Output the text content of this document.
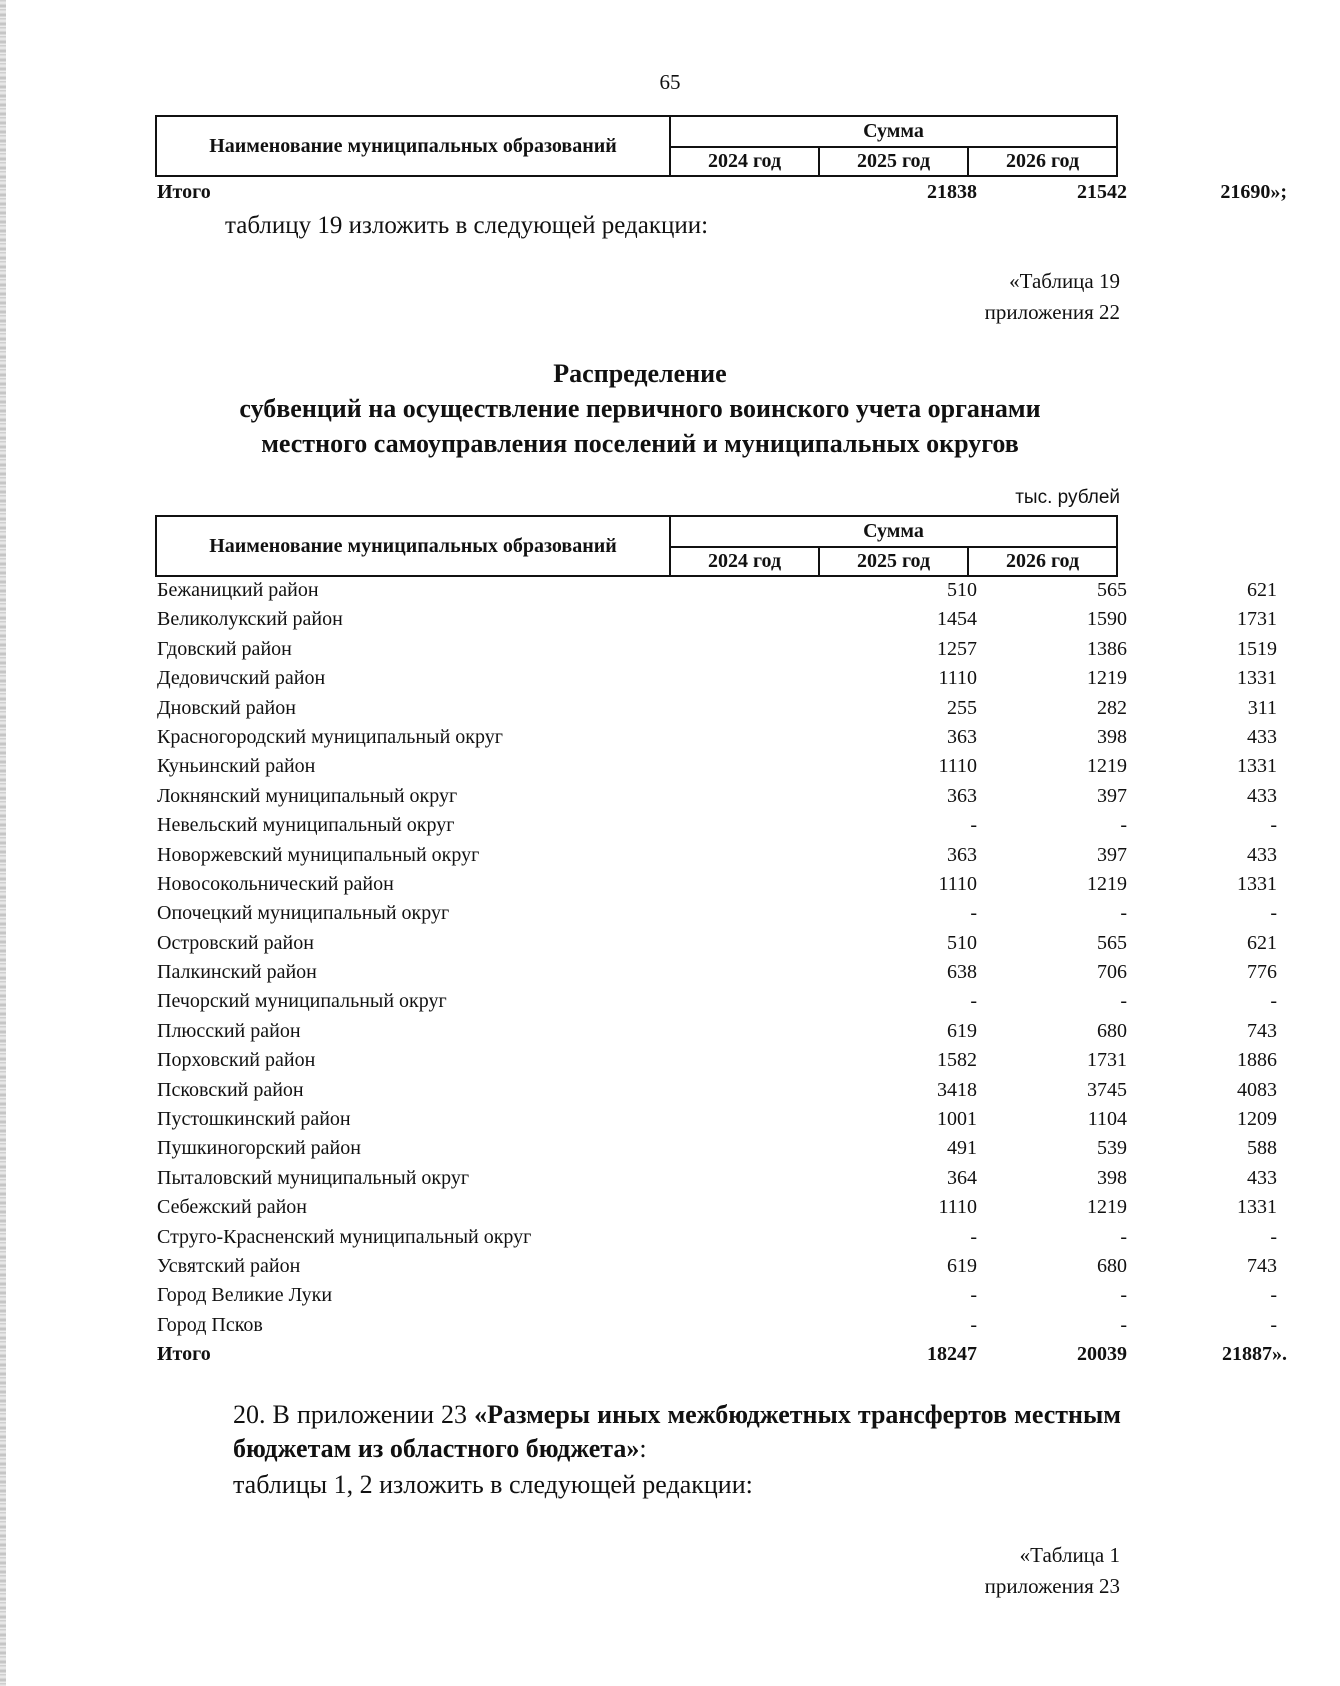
65
Наименование муниципальных образований	Сумма		
	2024 год	2025 год	2026 год
Итого	21838	21542	21690»;
таблицу 19 изложить в следующей редакции:
«Таблица 19
приложения 22
Распределение
субвенций на осуществление первичного воинского учета органами
местного самоуправления поселений и муниципальных округов
тыс. рублей
Наименование муниципальных образований	Сумма		
	2024 год	2025 год	2026 год
Бежаницкий район	510	565	621
Великолукский район	1454	1590	1731
Гдовский район	1257	1386	1519
Дедовичский район	1110	1219	1331
Дновский район	255	282	311
Красногородский муниципальный округ	363	398	433
Куньинский район	1110	1219	1331
Локнянский муниципальный округ	363	397	433
Невельский муниципальный округ	-	-	-
Новоржевский муниципальный округ	363	397	433
Новосокольнический район	1110	1219	1331
Опочецкий муниципальный округ	-	-	-
Островский район	510	565	621
Палкинский район	638	706	776
Печорский муниципальный округ	-	-	-
Плюсский район	619	680	743
Порховский район	1582	1731	1886
Псковский район	3418	3745	4083
Пустошкинский район	1001	1104	1209
Пушкиногорский район	491	539	588
Пыталовский муниципальный округ	364	398	433
Себежский район	1110	1219	1331
Струго-Красненский муниципальный округ	-	-	-
Усвятский район	619	680	743
Город Великие Луки	-	-	-
Город Псков	-	-	-
Итого	18247	20039	21887».
20. В приложении 23 «Размеры иных межбюджетных трансфертов местным бюджетам из областного бюджета»:
таблицы 1, 2 изложить в следующей редакции:
«Таблица 1
приложения 23
